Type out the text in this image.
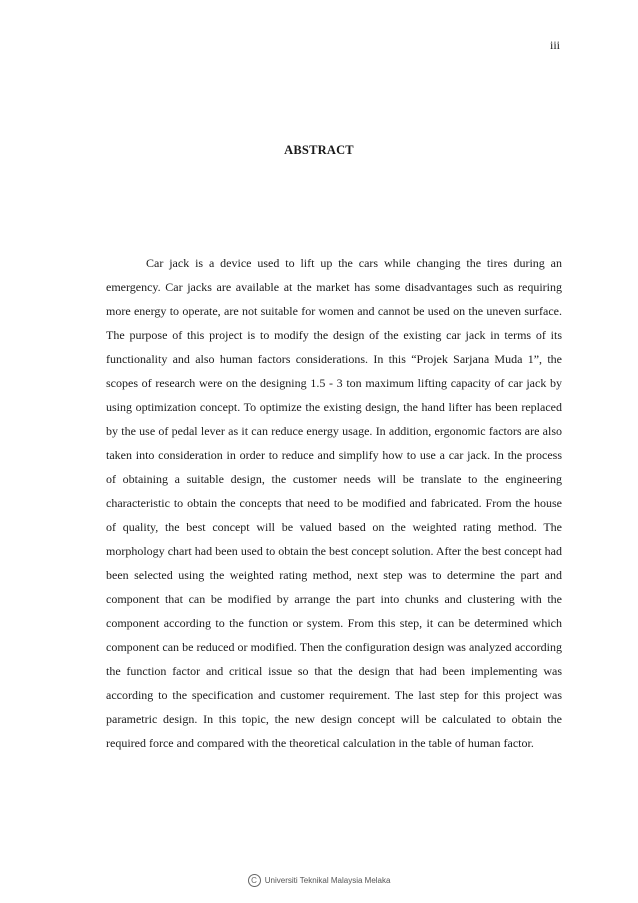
iii
ABSTRACT

Car jack is a device used to lift up the cars while changing the tires during an emergency. Car jacks are available at the market has some disadvantages such as requiring more energy to operate, are not suitable for women and cannot be used on the uneven surface. The purpose of this project is to modify the design of the existing car jack in terms of its functionality and also human factors considerations. In this “Projek Sarjana Muda 1”, the scopes of research were on the designing 1.5 - 3 ton maximum lifting capacity of car jack by using optimization concept. To optimize the existing design, the hand lifter has been replaced by the use of pedal lever as it can reduce energy usage. In addition, ergonomic factors are also taken into consideration in order to reduce and simplify how to use a car jack. In the process of obtaining a suitable design, the customer needs will be translate to the engineering characteristic to obtain the concepts that need to be modified and fabricated. From the house of quality, the best concept will be valued based on the weighted rating method. The morphology chart had been used to obtain the best concept solution. After the best concept had been selected using the weighted rating method, next step was to determine the part and component that can be modified by arrange the part into chunks and clustering with the component according to the function or system. From this step, it can be determined which component can be reduced or modified. Then the configuration design was analyzed according the function factor and critical issue so that the design that had been implementing was according to the specification and customer requirement. The last step for this project was parametric design. In this topic, the new design concept will be calculated to obtain the required force and compared with the theoretical calculation in the table of human factor.

C Universiti Teknikal Malaysia Melaka
